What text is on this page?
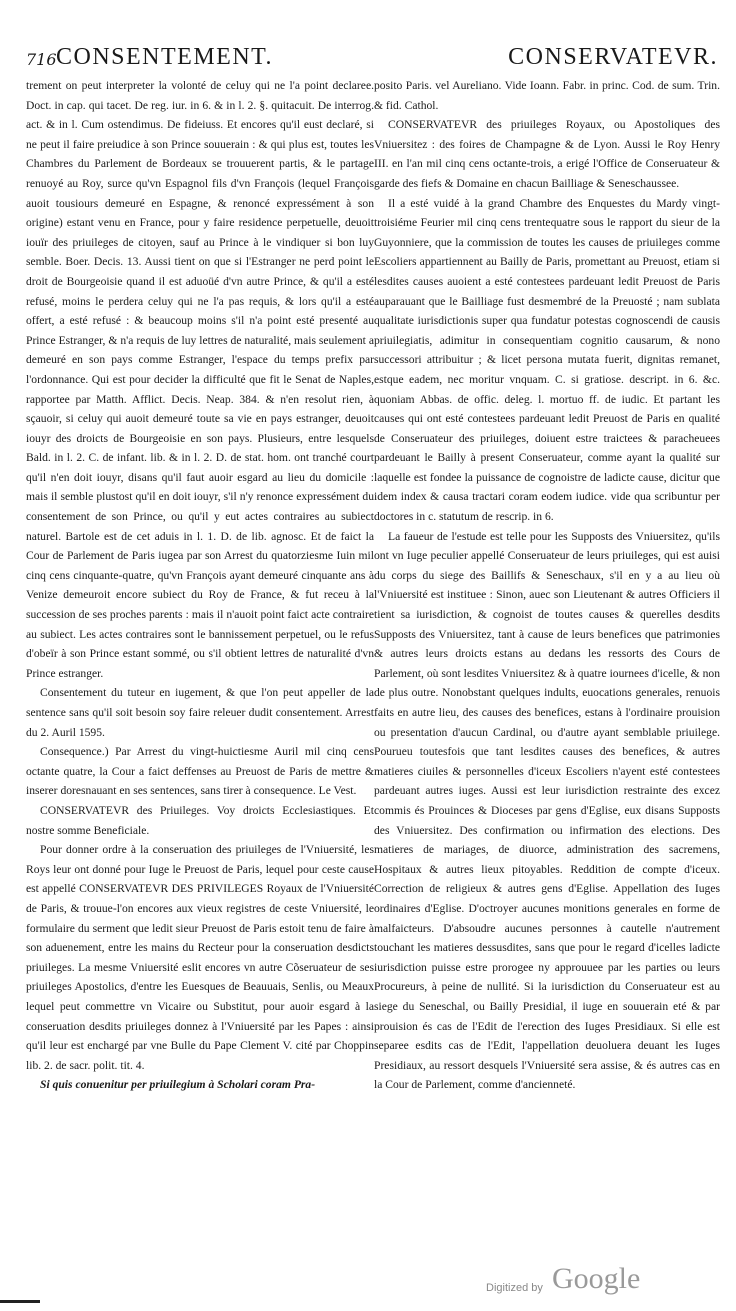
716 CONSENTEMENT.	CONSERVATEVR.

trement on peut interpreter la volonté de celuy qui ne l'a point declaree. Doct. in cap. qui tacet. De reg. iur. in 6. & in l. 2. §. quitacuit. De interrog. act. & in l. Cum ostendimus. De fideiuss. Et encores qu'il eust declaré, si ne peut il faire preiudice à son Prince souuerain : & qui plus est, toutes les Chambres du Parlement de Bordeaux se trouuerent partis, & le partage renuoyé au Roy, surce qu'vn Espagnol fils d'vn François (lequel François auoit tousiours demeuré en Espagne, & renoncé expressément à son origine) estant venu en France, pour y faire residence perpetuelle, deuoit iouïr des priuileges de citoyen, sauf au Prince à le vindiquer si bon luy semble. Boer. Decis. 13. Aussi tient on que si l'Estranger ne perd point le droit de Bourgeoisie quand il est aduoüé d'vn autre Prince, & qu'il a esté refusé, moins le perdera celuy qui ne l'a pas requis, & lors qu'il a esté offert, a esté refusé : & beaucoup moins s'il n'a point esté presenté au Prince Estranger, & n'a requis de luy lettres de naturalité, mais seulement a demeuré en son pays comme Estranger, l'espace du temps prefix par l'ordonnance. Qui est pour decider la difficulté que fit le Senat de Naples, rapportee par Matth. Afflict. Decis. Neap. 384. & n'en resolut rien, à sçauoir, si celuy qui auoit demeuré toute sa vie en pays estranger, deuoit iouyr des droicts de Bourgeoisie en son pays. Plusieurs, entre lesquels Bald. in l. 2. C. de infant. lib. & in l. 2. D. de stat. hom. ont tranché court qu'il n'en doit iouyr, disans qu'il faut auoir esgard au lieu du domicile : mais il semble plustost qu'il en doit iouyr, s'il n'y renonce expressément du consentement de son Prince, ou qu'il y eut actes contraires au subiect naturel. Bartole est de cet aduis in l. 1. D. de lib. agnosc. Et de faict la Cour de Parlement de Paris iugea par son Arrest du quatorziesme Iuin mil cinq cens cinquante-quatre, qu'vn François ayant demeuré cinquante ans à Venize demeuroit encore subiect du Roy de France, & fut receu à la succession de ses proches parents : mais il n'auoit point faict acte contraire au subiect. Les actes contraires sont le bannissement perpetuel, ou le refus d'obeïr à son Prince estant sommé, ou s'il obtient lettres de naturalité d'vn Prince estranger.

Consentement du tuteur en iugement, & que l'on peut appeller de la sentence sans qu'il soit besoin soy faire releuer dudit consentement. Arrest du 2. Auril 1595.

Consequence.) Par Arrest du vingt-huictiesme Auril mil cinq cens octante quatre, la Cour a faict deffenses au Preuost de Paris de mettre & inserer doresnauant en ses sentences, sans tirer à consequence. Le Vest.

CONSERVATEVR des Priuileges. Voy droicts Ecclesiastiques. Et nostre somme Beneficiale.

Pour donner ordre à la conseruation des priuileges de l'Vniuersité, les Roys leur ont donné pour Iuge le Preuost de Paris, lequel pour ceste cause est appellé CONSERVATEVR DES PRIVILEGES Royaux de l'Vniuersité de Paris, & trouue-l'on encores aux vieux registres de ceste Vniuersité, le formulaire du serment que ledit sieur Preuost de Paris estoit tenu de faire à son aduenement, entre les mains du Recteur pour la conseruation desdicts priuileges. La mesme Vniuersité eslit encores vn autre Cõseruateur de ses priuileges Apostolics, d'entre les Euesques de Beauuais, Senlis, ou Meaux lequel peut commettre vn Vicaire ou Substitut, pour auoir esgard à la conseruation desdits priuileges donnez à l'Vniuersité par les Papes : ainsi qu'il leur est enchargé par vne Bulle du Pape Clement V. cité par Choppin lib. 2. de sacr. polit. tit. 4.

Si quis conuenitur per priuilegium à Scholari coram Pra-

posito Paris. vel Aureliano. Vide Ioann. Fabr. in princ. Cod. de sum. Trin. & fid. Cathol.

CONSERVATEVR des priuileges Royaux, ou Apostoliques des Vniuersitez : des foires de Champagne & de Lyon. Aussi le Roy Henry III. en l'an mil cinq cens octante-trois, a erigé l'Office de Conseruateur & garde des fiefs & Domaine en chacun Bailliage & Seneschaussee.

Il a esté vuidé à la grand Chambre des Enquestes du Mardy vingt-troisiéme Feurier mil cinq cens trentequatre sous le rapport du sieur de la Guyonniere, que la commission de toutes les causes de priuileges comme Escoliers appartiennent au Bailly de Paris, promettant au Preuost, etiam si lesdites causes auoient a esté contestees pardeuant ledit Preuost de Paris auparauant que le Bailliage fust desmembré de la Preuosté ; nam sublata qualitate iurisdictionis super qua fundatur potestas cognoscendi de causis priuilegiatis, adimitur in consequentiam cognitio causarum, & nono successori attribuitur ; & licet persona mutata fuerit, dignitas remanet, estque eadem, nec moritur vnquam. C. si gratiose. descript. in 6. &c. quoniam Abbas. de offic. deleg. l. mortuo ff. de iudic. Et partant les causes qui ont esté contestees pardeuant ledit Preuost de Paris en qualité de Conseruateur des priuileges, doiuent estre traictees & paracheuees pardeuant le Bailly à present Conseruateur, comme ayant la qualité sur laquelle est fondee la puissance de cognoistre de ladicte cause, dicitur que idem index & causa tractari coram eodem iudice. vide qua scribuntur per doctores in c. statutum de rescrip. in 6.

La faueur de l'estude est telle pour les Supposts des Vniuersitez, qu'ils ont vn Iuge peculier appellé Conseruateur de leurs priuileges, qui est auisi du corps du siege des Baillifs & Seneschaux, s'il en y a au lieu où l'Vniuersité est instituee : Sinon, auec son Lieutenant & autres Officiers il tient sa iurisdiction, & cognoist de toutes causes & querelles desdits Supposts des Vniuersitez, tant à cause de leurs benefices que patrimonies & autres leurs droicts estans au dedans les ressorts des Cours de Parlement, où sont lesdites Vniuersitez & à quatre iournees d'icelle, & non de plus outre. Nonobstant quelques indults, euocations generales, renuois faits en autre lieu, des causes des benefices, estans à l'ordinaire prouision ou presentation d'aucun Cardinal, ou d'autre ayant semblable priuilege. Pourueu toutesfois que tant lesdites causes des benefices, & autres matieres ciuiles & personnelles d'iceux Escoliers n'ayent esté contestees pardeuant autres iuges. Aussi est leur iurisdiction restrainte des excez commis és Prouinces & Dioceses par gens d'Eglise, eux disans Supposts des Vniuersitez. Des confirmation ou infirmation des elections. Des matieres de mariages, de diuorce, administration des sacremens, Hospitaux & autres lieux pitoyables. Reddition de compte d'iceux. Correction de religieux & autres gens d'Eglise. Appellation des Iuges ordinaires d'Eglise. D'octroyer aucunes monitions generales en forme de malfaicteurs. D'absoudre aucunes personnes à cautelle n'autrement touchant les matieres dessusdites, sans que pour le regard d'icelles ladicte iurisdiction puisse estre prorogee ny approuuee par les parties ou leurs Procureurs, à peine de nullité. Si la iurisdiction du Conseruateur est au siege du Seneschal, ou Bailly Presidial, il iuge en souuerain eté & par prouision és cas de l'Edit de l'erection des Iuges Presidiaux. Si elle est separee esdits cas de l'Edit, l'appellation deuoluera deuant les Iuges Presidiaux, au ressort desquels l'Vniuersité sera assise, & és autres cas en la Cour de Parlement, comme d'ancienneté.

Digitized by Google
